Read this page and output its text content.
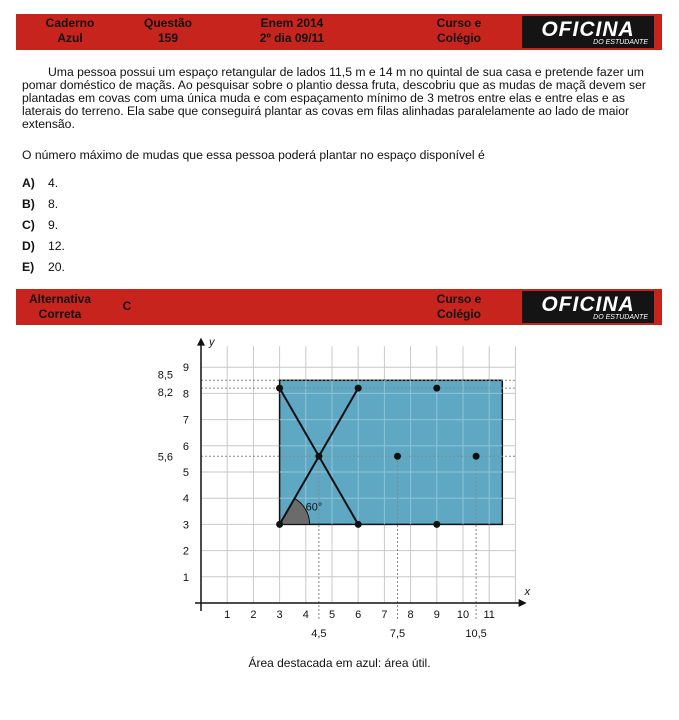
Caderno
Azul
Questão
159
Enem 2014
2º dia 09/11
Curso e
Colégio	OFICINA
DO ESTUDANTE
Uma pessoa possui um espaço retangular de lados 11,5 m e 14 m no quintal de sua casa e pretende fazer um pomar doméstico de maçãs. Ao pesquisar sobre o plantio dessa fruta, descobriu que as mudas de maçã devem ser plantadas em covas com uma única muda e com espaçamento mínimo de 3 metros entre elas e entre elas e as laterais do terreno. Ela sabe que conseguirá plantar as covas em filas alinhadas paralelamente ao lado de maior extensão.
O número máximo de mudas que essa pessoa poderá plantar no espaço disponível é
A) 4.
B) 8.
C) 9.
D) 12.
E) 20.
Alternativa
Correta
C	Curso e
Colégio	OFICINA
DO ESTUDANTE
x
y
1 2 3 4 5 6 7 8 9 10 11
1
2
3
4
5
6
7
8
9
4,5	7,5	10,5
8,5
8,2
5,6
60°
Área destacada em azul: área útil.
